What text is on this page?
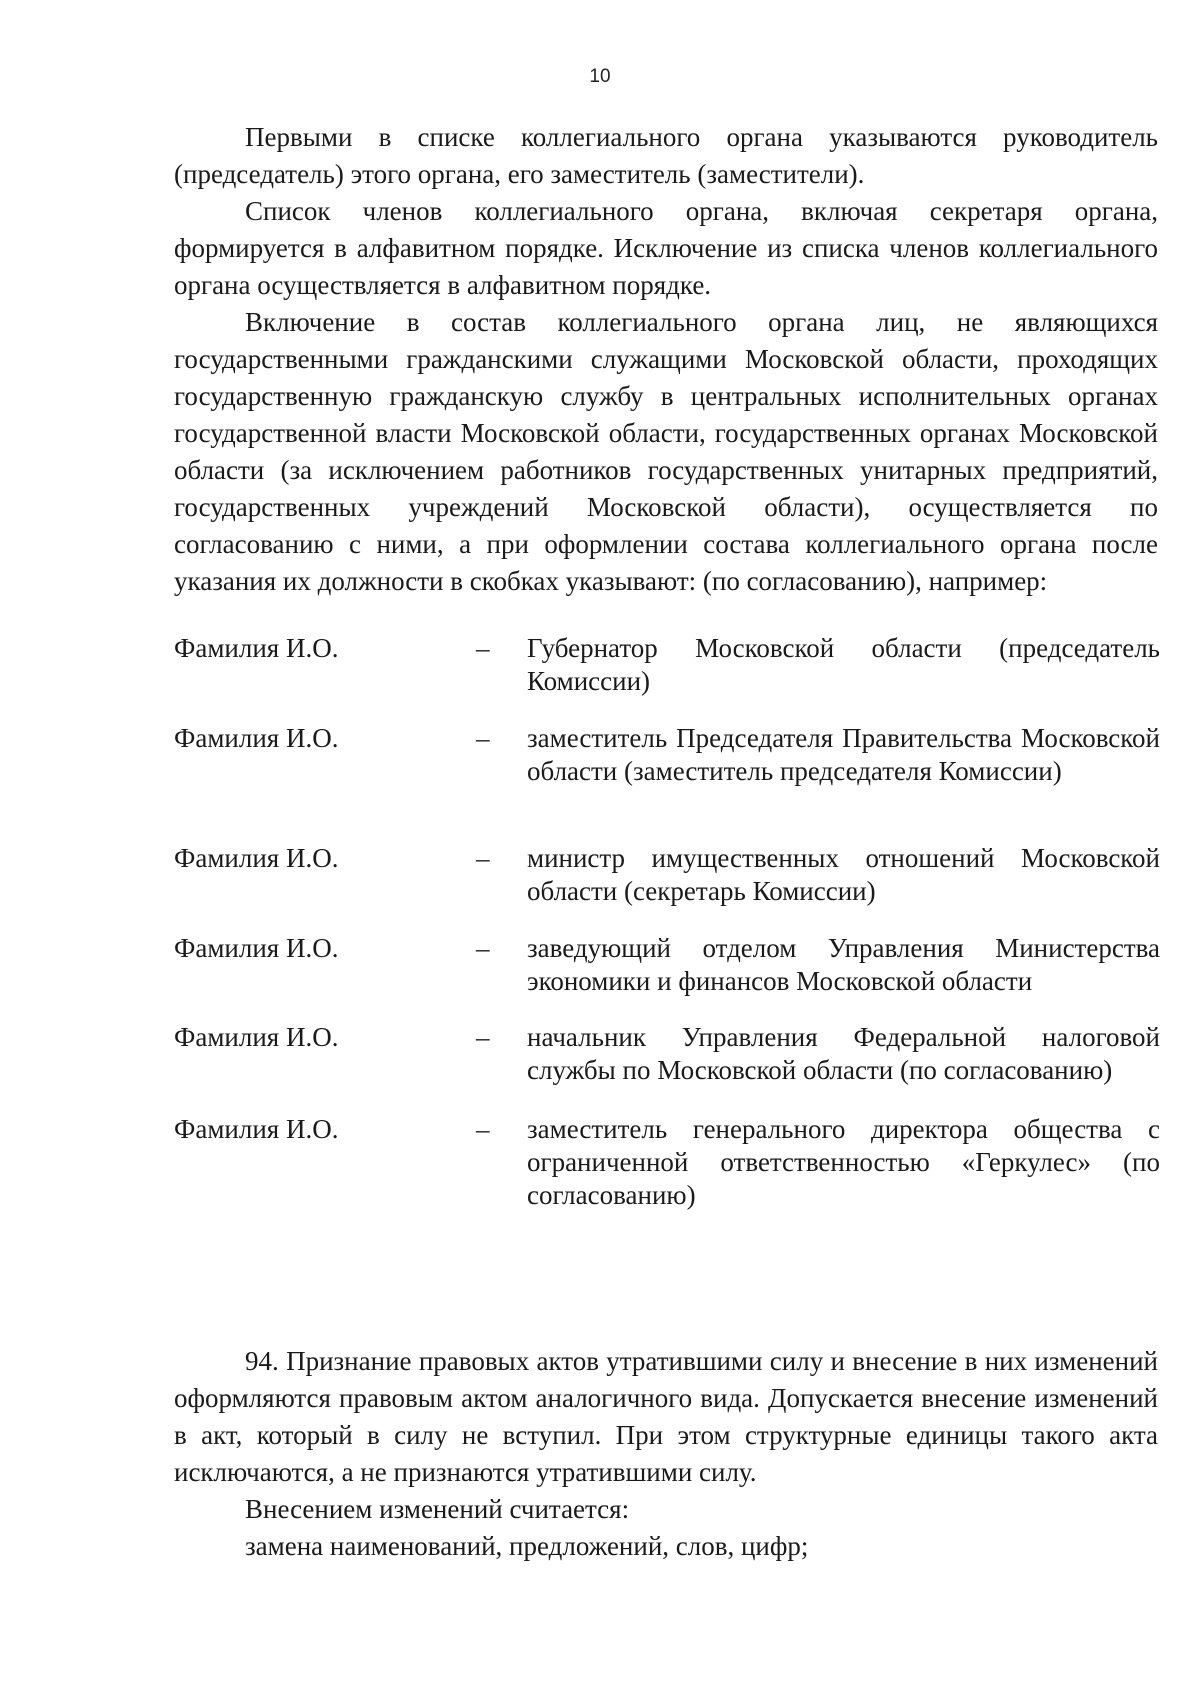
10

Первыми в списке коллегиального органа указываются руководитель (председатель) этого органа, его заместитель (заместители).

Список членов коллегиального органа, включая секретаря органа, формируется в алфавитном порядке. Исключение из списка членов коллегиального органа осуществляется в алфавитном порядке.

Включение в состав коллегиального органа лиц, не являющихся государственными гражданскими служащими Московской области, проходящих государственную гражданскую службу в центральных исполнительных органах государственной власти Московской области, государственных органах Московской области (за исключением работников государственных унитарных предприятий, государственных учреждений Московской области), осуществляется по согласованию с ними, а при оформлении состава коллегиального органа после указания их должности в скобках указывают: (по согласованию), например:

Фамилия И.О.	– Губернатор Московской области (председатель Комиссии)
Фамилия И.О.	– заместитель Председателя Правительства Московской области (заместитель председателя Комиссии)
Фамилия И.О.	– министр имущественных отношений Московской области (секретарь Комиссии)
Фамилия И.О.	– заведующий отделом Управления Министерства экономики и финансов Московской области
Фамилия И.О.	– начальник Управления Федеральной налоговой службы по Московской области (по согласованию)
Фамилия И.О.	– заместитель генерального директора общества с ограниченной ответственностью «Геркулес» (по согласованию)

94. Признание правовых актов утратившими силу и внесение в них изменений оформляются правовым актом аналогичного вида. Допускается внесение изменений в акт, который в силу не вступил. При этом структурные единицы такого акта исключаются, а не признаются утратившими силу.

Внесением изменений считается:

замена наименований, предложений, слов, цифр;
